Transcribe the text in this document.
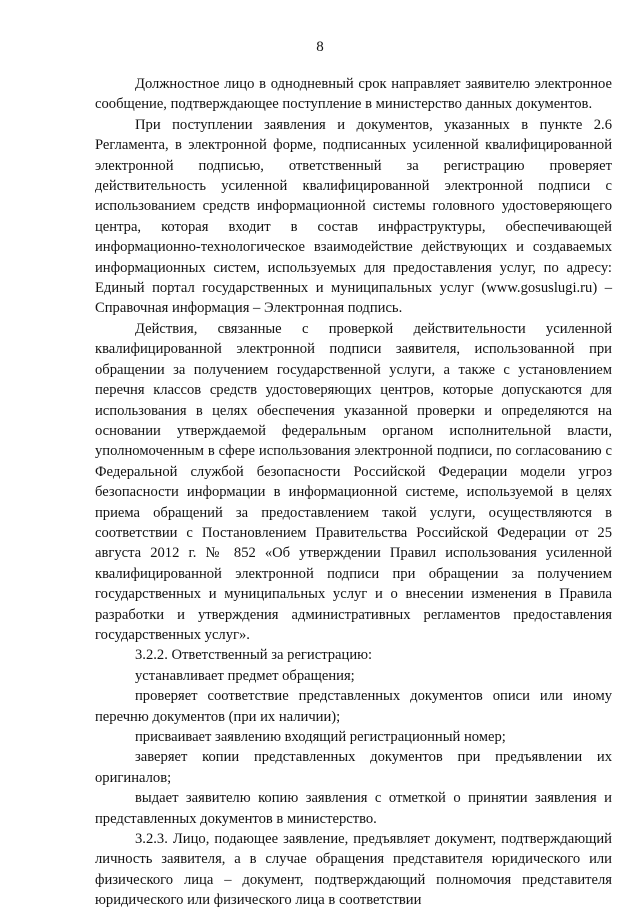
8

Должностное лицо в однодневный срок направляет заявителю электронное сообщение, подтверждающее поступление в министерство данных документов.

При поступлении заявления и документов, указанных в пункте 2.6 Регламента, в электронной форме, подписанных усиленной квалифицированной электронной подписью, ответственный за регистрацию проверяет действительность усиленной квалифицированной электронной подписи с использованием средств информационной системы головного удостоверяющего центра, которая входит в состав инфраструктуры, обеспечивающей информационно-технологическое взаимодействие действующих и создаваемых информационных систем, используемых для предоставления услуг, по адресу: Единый портал государственных и муниципальных услуг (www.gosuslugi.ru) – Справочная информация – Электронная подпись.

Действия, связанные с проверкой действительности усиленной квалифицированной электронной подписи заявителя, использованной при обращении за получением государственной услуги, а также с установлением перечня классов средств удостоверяющих центров, которые допускаются для использования в целях обеспечения указанной проверки и определяются на основании утверждаемой федеральным органом исполнительной власти, уполномоченным в сфере использования электронной подписи, по согласованию с Федеральной службой безопасности Российской Федерации модели угроз безопасности информации в информационной системе, используемой в целях приема обращений за предоставлением такой услуги, осуществляются в соответствии с Постановлением Правительства Российской Федерации от 25 августа 2012 г. № 852 «Об утверждении Правил использования усиленной квалифицированной электронной подписи при обращении за получением государственных и муниципальных услуг и о внесении изменения в Правила разработки и утверждения административных регламентов предоставления государственных услуг».

3.2.2. Ответственный за регистрацию:

устанавливает предмет обращения;

проверяет соответствие представленных документов описи или иному перечню документов (при их наличии);

присваивает заявлению входящий регистрационный номер;

заверяет копии представленных документов при предъявлении их оригиналов;

выдает заявителю копию заявления с отметкой о принятии заявления и представленных документов в министерство.

3.2.3. Лицо, подающее заявление, предъявляет документ, подтверждающий личность заявителя, а в случае обращения представителя юридического или физического лица – документ, подтверждающий полномочия представителя юридического или физического лица в соответствии
